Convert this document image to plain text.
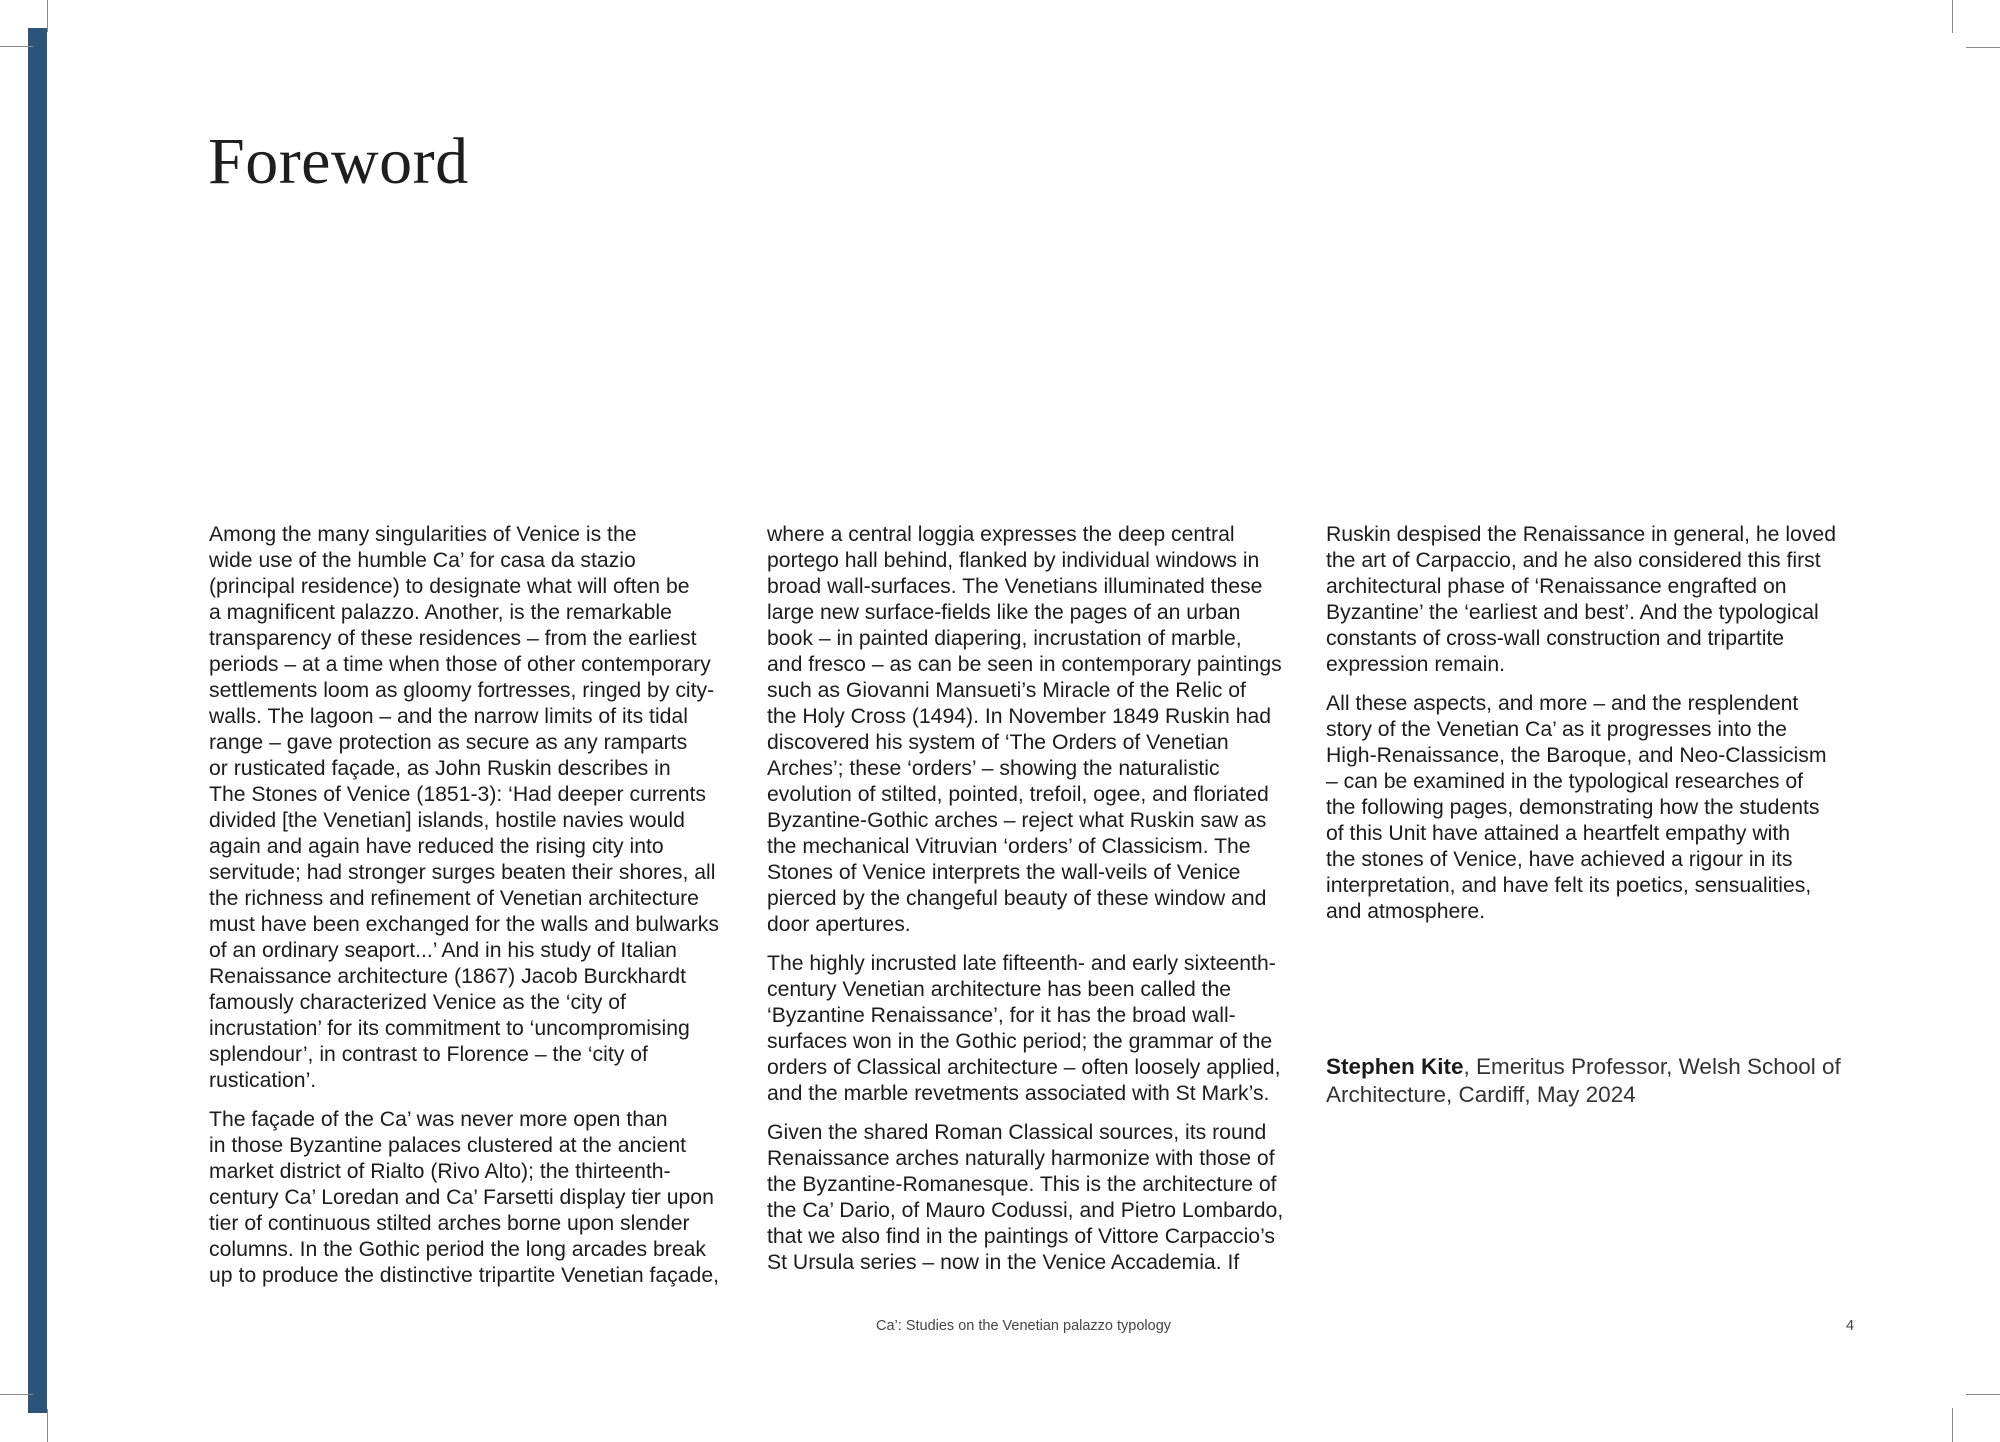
Foreword

Among the many singularities of Venice is the
wide use of the humble Ca’ for casa da stazio
(principal residence) to designate what will often be
a magnificent palazzo. Another, is the remarkable
transparency of these residences – from the earliest
periods – at a time when those of other contemporary
settlements loom as gloomy fortresses, ringed by city-
walls. The lagoon – and the narrow limits of its tidal
range – gave protection as secure as any ramparts
or rusticated façade, as John Ruskin describes in
The Stones of Venice (1851-3): ‘Had deeper currents
divided [the Venetian] islands, hostile navies would
again and again have reduced the rising city into
servitude; had stronger surges beaten their shores, all
the richness and refinement of Venetian architecture
must have been exchanged for the walls and bulwarks
of an ordinary seaport...’ And in his study of Italian
Renaissance architecture (1867) Jacob Burckhardt
famously characterized Venice as the ‘city of
incrustation’ for its commitment to ‘uncompromising
splendour’, in contrast to Florence – the ‘city of
rustication’.

The façade of the Ca’ was never more open than
in those Byzantine palaces clustered at the ancient
market district of Rialto (Rivo Alto); the thirteenth-
century Ca’ Loredan and Ca’ Farsetti display tier upon
tier of continuous stilted arches borne upon slender
columns. In the Gothic period the long arcades break
up to produce the distinctive tripartite Venetian façade,

where a central loggia expresses the deep central
portego hall behind, flanked by individual windows in
broad wall-surfaces. The Venetians illuminated these
large new surface-fields like the pages of an urban
book – in painted diapering, incrustation of marble,
and fresco – as can be seen in contemporary paintings
such as Giovanni Mansueti’s Miracle of the Relic of
the Holy Cross (1494). In November 1849 Ruskin had
discovered his system of ‘The Orders of Venetian
Arches’; these ‘orders’ – showing the naturalistic
evolution of stilted, pointed, trefoil, ogee, and floriated
Byzantine-Gothic arches – reject what Ruskin saw as
the mechanical Vitruvian ‘orders’ of Classicism. The
Stones of Venice interprets the wall-veils of Venice
pierced by the changeful beauty of these window and
door apertures.

The highly incrusted late fifteenth- and early sixteenth-
century Venetian architecture has been called the
‘Byzantine Renaissance’, for it has the broad wall-
surfaces won in the Gothic period; the grammar of the
orders of Classical architecture – often loosely applied,
and the marble revetments associated with St Mark’s.

Given the shared Roman Classical sources, its round
Renaissance arches naturally harmonize with those of
the Byzantine-Romanesque. This is the architecture of
the Ca’ Dario, of Mauro Codussi, and Pietro Lombardo,
that we also find in the paintings of Vittore Carpaccio’s
St Ursula series – now in the Venice Accademia. If

Ruskin despised the Renaissance in general, he loved
the art of Carpaccio, and he also considered this first
architectural phase of ‘Renaissance engrafted on
Byzantine’ the ‘earliest and best’. And the typological
constants of cross-wall construction and tripartite
expression remain.

All these aspects, and more – and the resplendent
story of the Venetian Ca’ as it progresses into the
High-Renaissance, the Baroque, and Neo-Classicism
– can be examined in the typological researches of
the following pages, demonstrating how the students
of this Unit have attained a heartfelt empathy with
the stones of Venice, have achieved a rigour in its
interpretation, and have felt its poetics, sensualities,
and atmosphere.

Stephen Kite, Emeritus Professor, Welsh School of
Architecture, Cardiff, May 2024
Ca’: Studies on the Venetian palazzo typology	4
